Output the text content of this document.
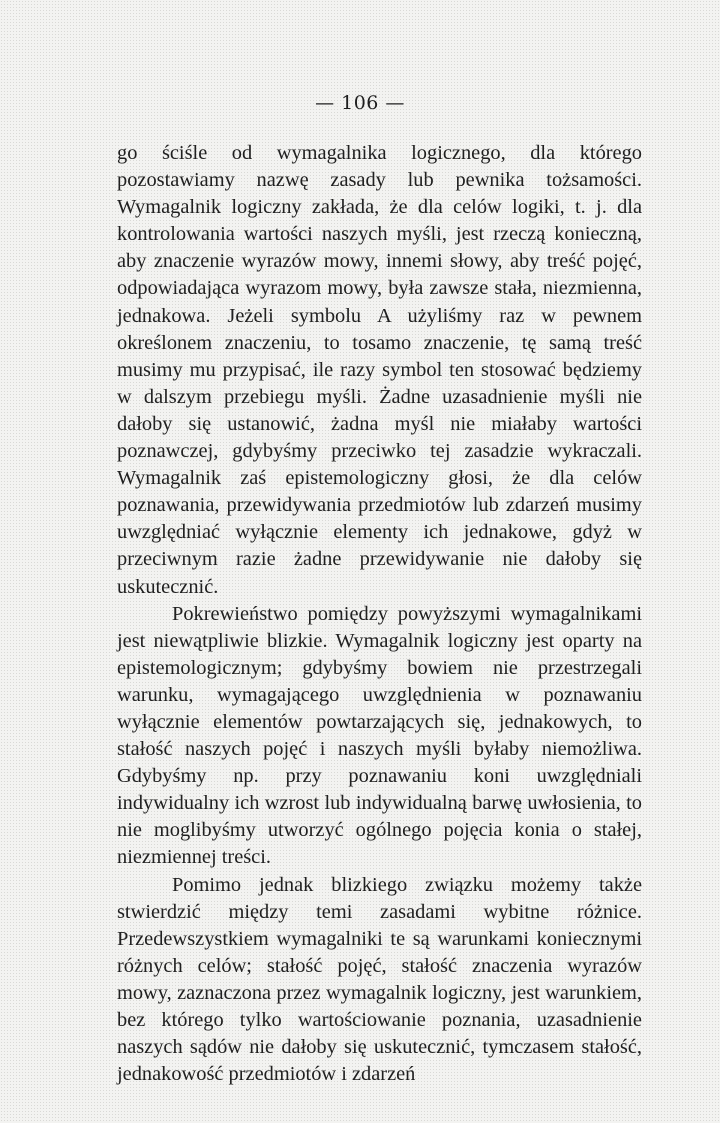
— 106 —

go ściśle od wymagalnika logicznego, dla którego pozostawiamy nazwę zasady lub pewnika tożsamości. Wymagalnik logiczny zakłada, że dla celów logiki, t. j. dla kontrolowania wartości naszych myśli, jest rzeczą konieczną, aby znaczenie wyrazów mowy, innemi słowy, aby treść pojęć, odpowiadająca wyrazom mowy, była zawsze stała, niezmienna, jednakowa. Jeżeli symbolu A użyliśmy raz w pewnem określonem znaczeniu, to tosamo znaczenie, tę samą treść musimy mu przypisać, ile razy symbol ten stosować będziemy w dalszym przebiegu myśli. Żadne uzasadnienie myśli nie dałoby się ustanowić, żadna myśl nie miałaby wartości poznawczej, gdybyśmy przeciwko tej zasadzie wykraczali. Wymagalnik zaś epistemologiczny głosi, że dla celów poznawania, przewidywania przedmiotów lub zdarzeń musimy uwzględniać wyłącznie elementy ich jednakowe, gdyż w przeciwnym razie żadne przewidywanie nie dałoby się uskutecznić.

Pokrewieństwo pomiędzy powyższymi wymagalnikami jest niewątpliwie blizkie. Wymagalnik logiczny jest oparty na epistemologicznym; gdybyśmy bowiem nie przestrzegali warunku, wymagającego uwzględnienia w poznawaniu wyłącznie elementów powtarzających się, jednakowych, to stałość naszych pojęć i naszych myśli byłaby niemożliwa. Gdybyśmy np. przy poznawaniu koni uwzględniali indywidualny ich wzrost lub indywidualną barwę uwłosienia, to nie moglibyśmy utworzyć ogólnego pojęcia konia o stałej, niezmiennej treści.

Pomimo jednak blizkiego związku możemy także stwierdzić między temi zasadami wybitne różnice. Przedewszystkiem wymagalniki te są warunkami koniecznymi różnych celów; stałość pojęć, stałość znaczenia wyrazów mowy, zaznaczona przez wymagalnik logiczny, jest warunkiem, bez którego tylko wartościowanie poznania, uzasadnienie naszych sądów nie dałoby się uskutecznić, tymczasem stałość, jednakowość przedmiotów i zdarzeń
